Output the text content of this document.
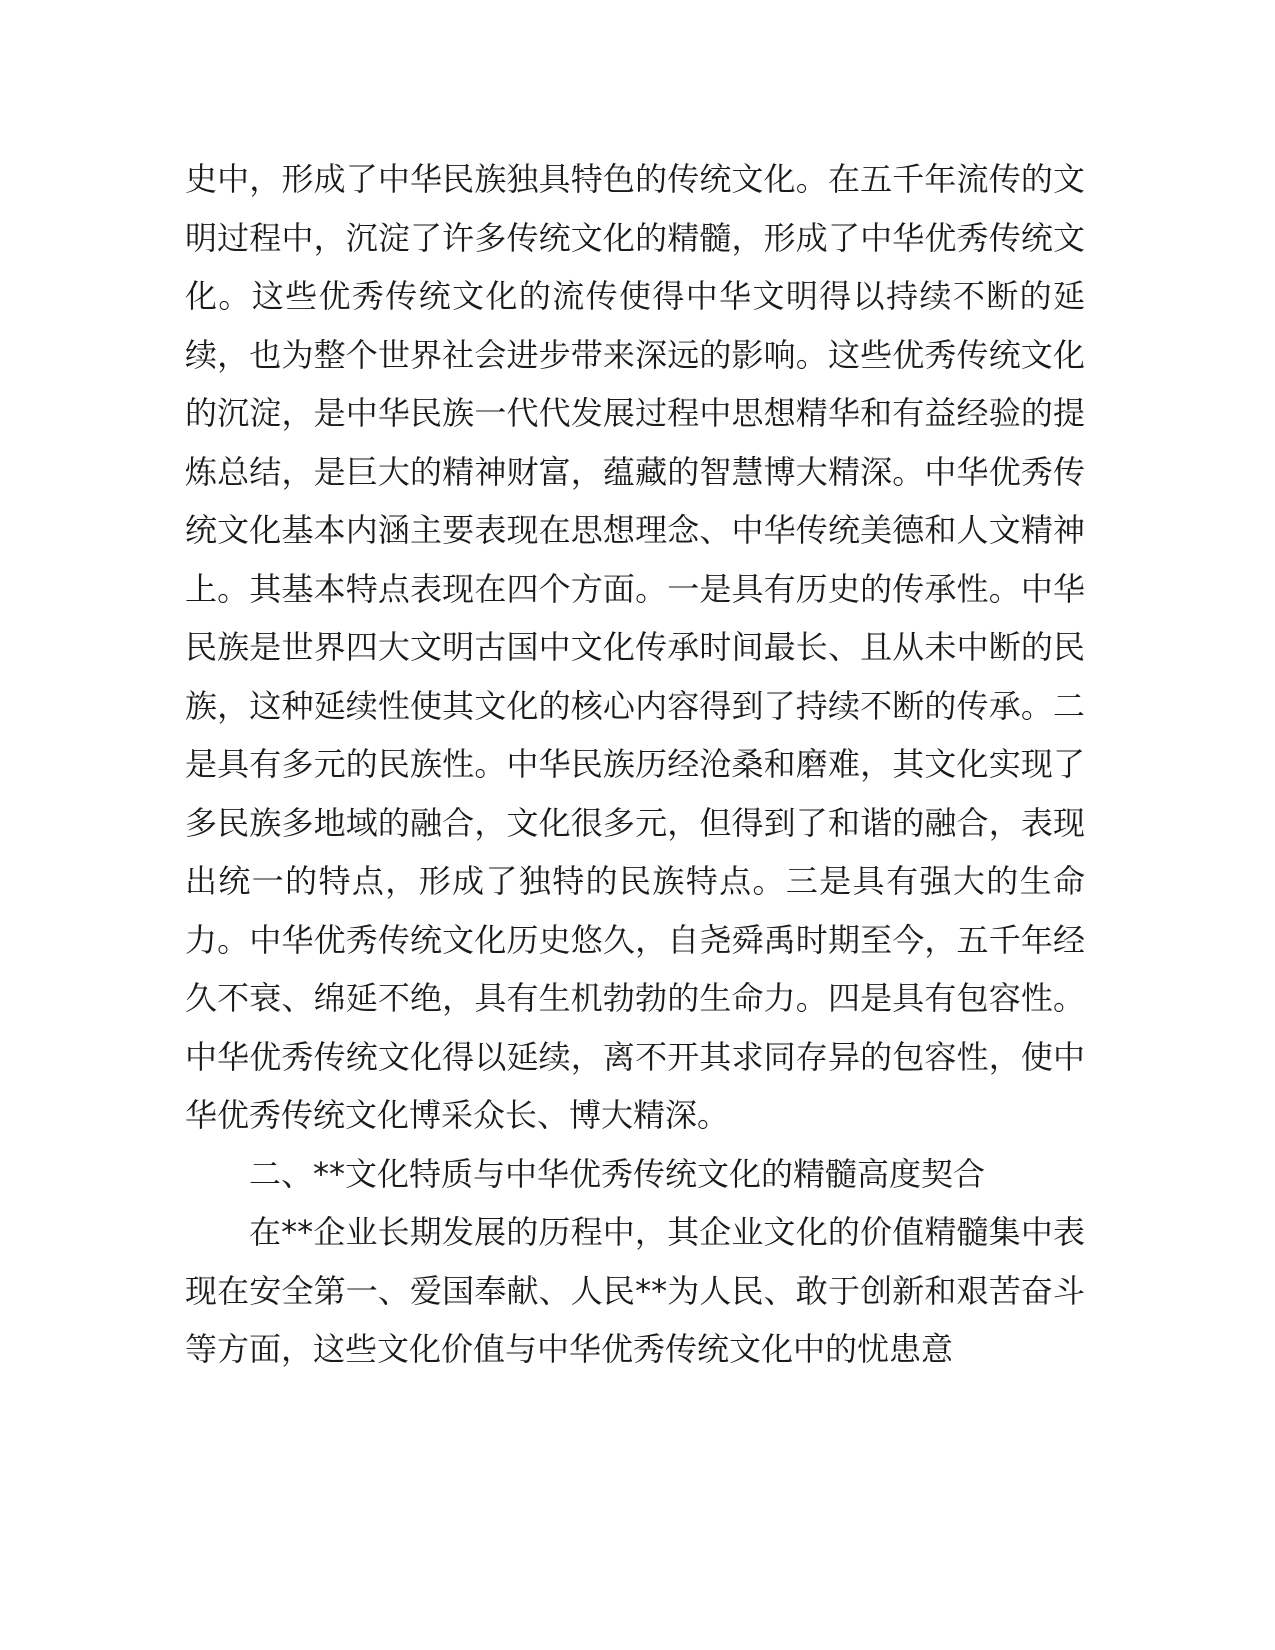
史中，形成了中华民族独具特色的传统文化。在五千年流传的文明过程中，沉淀了许多传统文化的精髓，形成了中华优秀传统文化。这些优秀传统文化的流传使得中华文明得以持续不断的延续，也为整个世界社会进步带来深远的影响。这些优秀传统文化的沉淀，是中华民族一代代发展过程中思想精华和有益经验的提炼总结，是巨大的精神财富，蕴藏的智慧博大精深。中华优秀传统文化基本内涵主要表现在思想理念、中华传统美德和人文精神上。其基本特点表现在四个方面。一是具有历史的传承性。中华民族是世界四大文明古国中文化传承时间最长、且从未中断的民族，这种延续性使其文化的核心内容得到了持续不断的传承。二是具有多元的民族性。中华民族历经沧桑和磨难，其文化实现了多民族多地域的融合，文化很多元，但得到了和谐的融合，表现出统一的特点，形成了独特的民族特点。三是具有强大的生命力。中华优秀传统文化历史悠久，自尧舜禹时期至今，五千年经久不衰、绵延不绝，具有生机勃勃的生命力。四是具有包容性。中华优秀传统文化得以延续，离不开其求同存异的包容性，使中华优秀传统文化博采众长、博大精深。

二、**文化特质与中华优秀传统文化的精髓高度契合

在**企业长期发展的历程中，其企业文化的价值精髓集中表现在安全第一、爱国奉献、人民**为人民、敢于创新和艰苦奋斗等方面，这些文化价值与中华优秀传统文化中的忧患意
